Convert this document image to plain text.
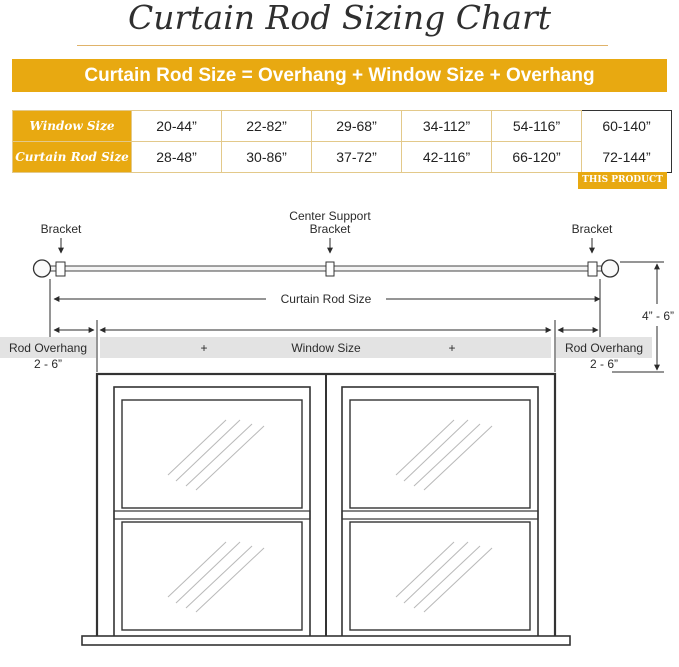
Curtain Rod Sizing Chart
Curtain Rod Size = Overhang + Window Size + Overhang
Window Size	20-44”	22-82”	29-68”	34-112”	54-116”	60-140”
Curtain Rod Size	28-48”	30-86”	37-72”	42-116”	66-120”	72-144”
THIS PRODUCT
Bracket
Center Support
Bracket	Bracket
Curtain Rod Size
+	Window Size	+
Rod Overhang
2 - 6”
Rod Overhang
2 - 6”
4” - 6”
